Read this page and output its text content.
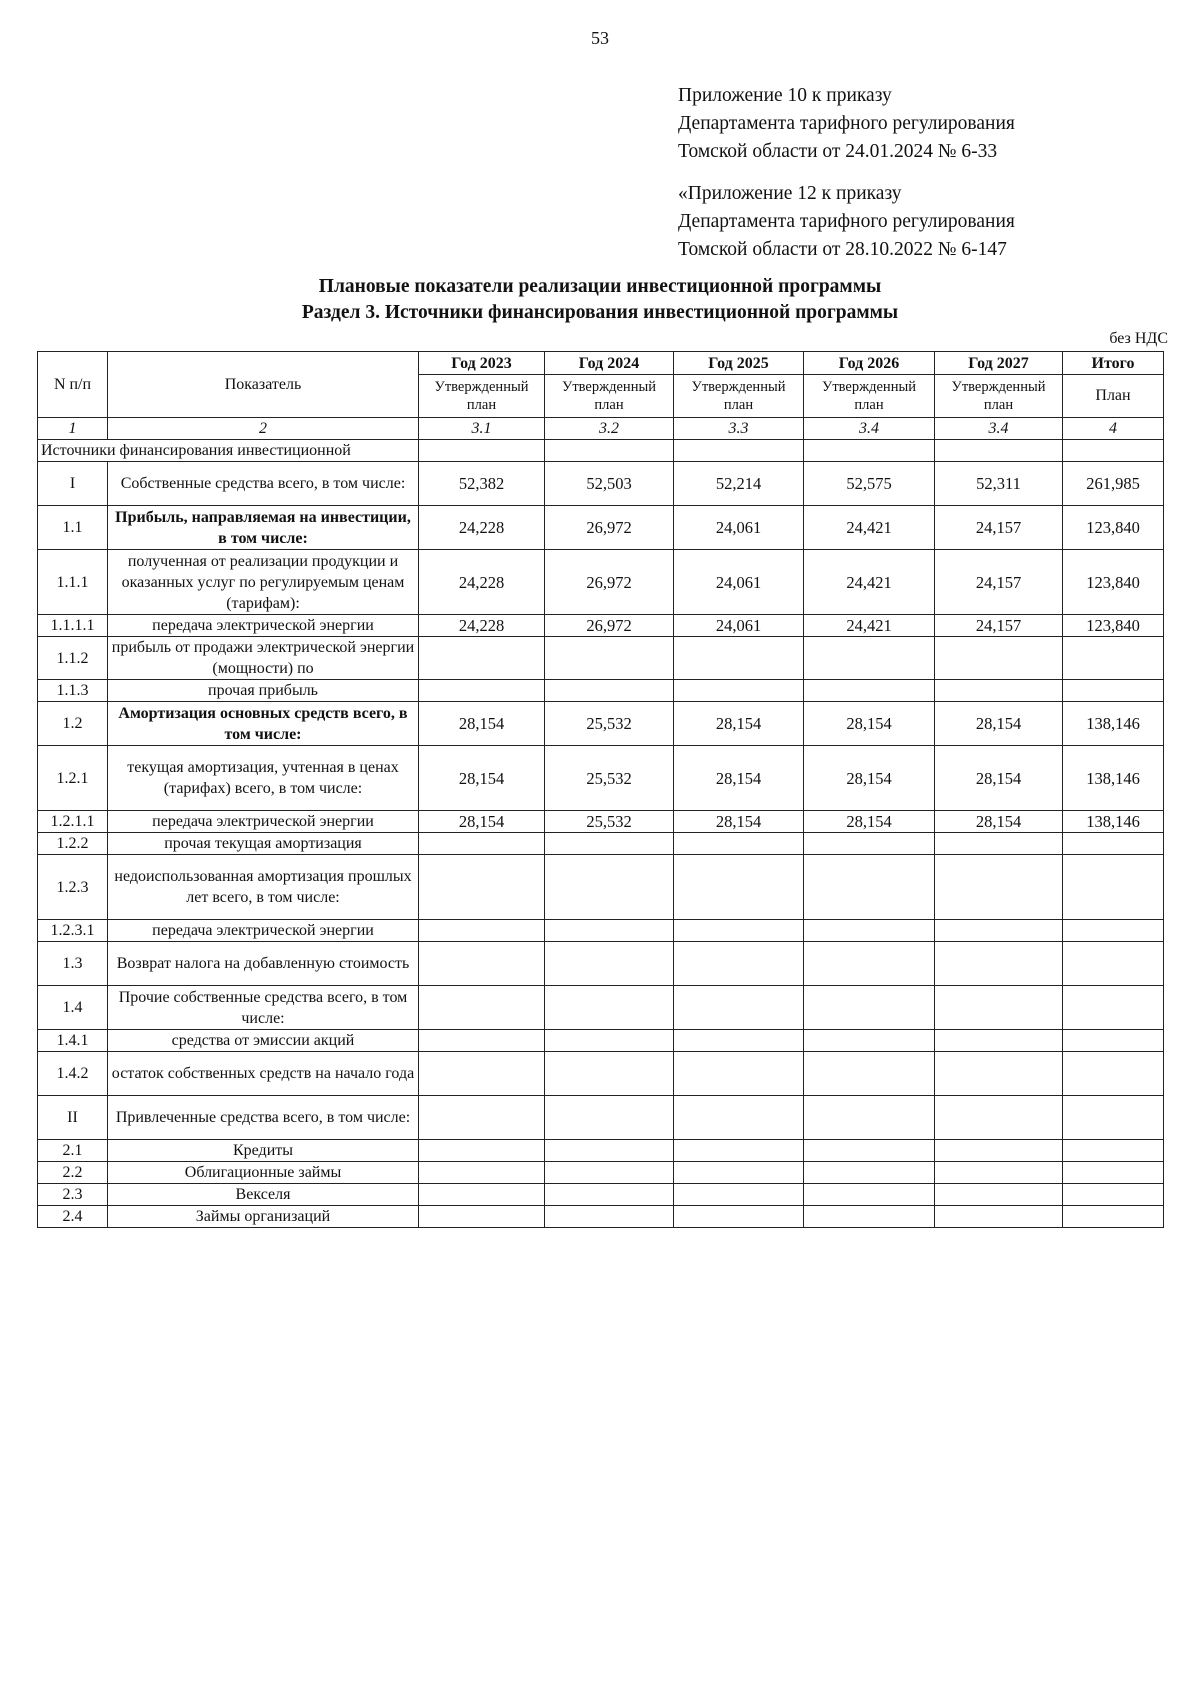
53
Приложение 10 к приказу
Департамента тарифного регулирования
Томской области от 24.01.2024 № 6-33
«Приложение 12 к приказу
Департамента тарифного регулирования
Томской области от 28.10.2022 № 6-147
Плановые показатели реализации инвестиционной программы
Раздел 3. Источники финансирования инвестиционной программы
без НДС
N п/п	Показатель	Год 2023	Год 2024	Год 2025	Год 2026	Год 2027	Итого
		Утвержденный план	Утвержденный план	Утвержденный план	Утвержденный план	Утвержденный план	План
1	2	3.1	3.2	3.3	3.4	3.4	4
Источники финансирования инвестиционной							
I	Собственные средства всего, в том числе:	52,382	52,503	52,214	52,575	52,311	261,985
1.1	Прибыль, направляемая на инвестиции, в том числе:	24,228	26,972	24,061	24,421	24,157	123,840
1.1.1	полученная от реализации продукции и оказанных услуг по регулируемым ценам (тарифам):	24,228	26,972	24,061	24,421	24,157	123,840
1.1.1.1	передача электрической энергии	24,228	26,972	24,061	24,421	24,157	123,840
1.1.2	прибыль от продажи электрической энергии (мощности) по						
1.1.3	прочая прибыль						
1.2	Амортизация основных средств всего, в том числе:	28,154	25,532	28,154	28,154	28,154	138,146
1.2.1	текущая амортизация, учтенная в ценах (тарифах) всего, в том числе:	28,154	25,532	28,154	28,154	28,154	138,146
1.2.1.1	передача электрической энергии	28,154	25,532	28,154	28,154	28,154	138,146
1.2.2	прочая текущая амортизация						
1.2.3	недоиспользованная амортизация прошлых лет всего, в том числе:						
1.2.3.1	передача электрической энергии						
1.3	Возврат налога на добавленную стоимость						
1.4	Прочие собственные средства всего, в том числе:						
1.4.1	средства от эмиссии акций						
1.4.2	остаток собственных средств на начало года						
II	Привлеченные средства всего, в том числе:						
2.1	Кредиты						
2.2	Облигационные займы						
2.3	Векселя						
2.4	Займы организаций						
